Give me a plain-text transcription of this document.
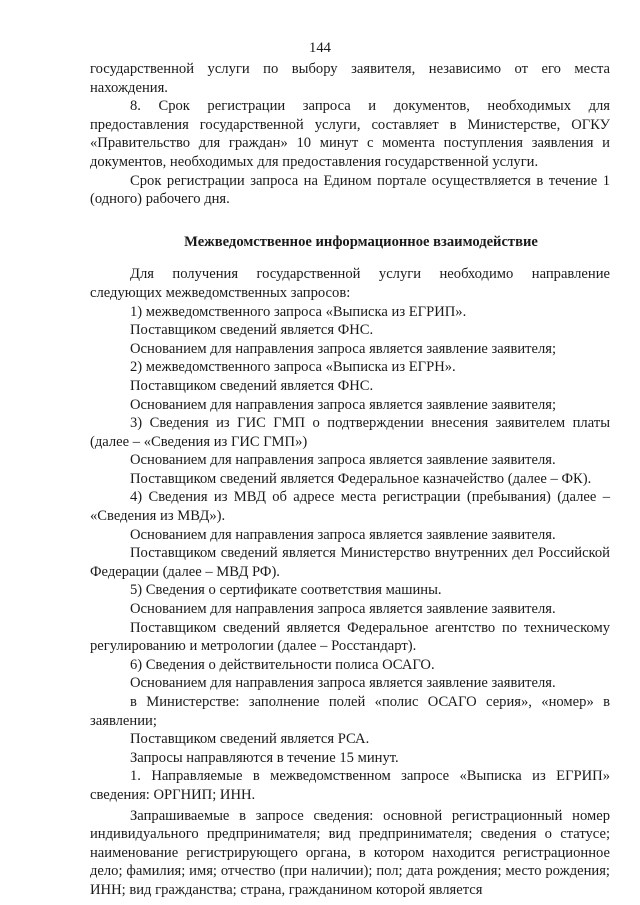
144

государственной услуги по выбору заявителя, независимо от его места нахождения.

8. Срок регистрации запроса и документов, необходимых для предоставления государственной услуги, составляет в Министерстве, ОГКУ «Правительство для граждан» 10 минут с момента поступления заявления и документов, необходимых для предоставления государственной услуги.

Срок регистрации запроса на Едином портале осуществляется в течение 1 (одного) рабочего дня.

Межведомственное информационное взаимодействие

Для получения государственной услуги необходимо направление следующих межведомственных запросов:

1) межведомственного запроса «Выписка из ЕГРИП».

Поставщиком сведений является ФНС.

Основанием для направления запроса является заявление заявителя;

2) межведомственного запроса «Выписка из ЕГРН».

Поставщиком сведений является ФНС.

Основанием для направления запроса является заявление заявителя;

3) Сведения из ГИС ГМП о подтверждении внесения заявителем платы (далее – «Сведения из ГИС ГМП»)

Основанием для направления запроса является заявление заявителя.

Поставщиком сведений является Федеральное казначейство (далее – ФК).

4) Сведения из МВД об адресе места регистрации (пребывания) (далее – «Сведения из МВД»).

Основанием для направления запроса является заявление заявителя.

Поставщиком сведений является Министерство внутренних дел Российской Федерации (далее – МВД РФ).

5) Сведения о сертификате соответствия машины.

Основанием для направления запроса является заявление заявителя.

Поставщиком сведений является Федеральное агентство по техническому регулированию и метрологии (далее – Росстандарт).

6) Сведения о действительности полиса ОСАГО.

Основанием для направления запроса является заявление заявителя.

в Министерстве: заполнение полей «полис ОСАГО серия», «номер» в заявлении;

Поставщиком сведений является РСА.

Запросы направляются в течение 15 минут.

1. Направляемые в межведомственном запросе «Выписка из ЕГРИП» сведения: ОРГНИП; ИНН.

Запрашиваемые в запросе сведения: основной регистрационный номер индивидуального предпринимателя; вид предпринимателя; сведения о статусе; наименование регистрирующего органа, в котором находится регистрационное дело; фамилия; имя; отчество (при наличии); пол; дата рождения; место рождения; ИНН; вид гражданства; страна, гражданином которой является
